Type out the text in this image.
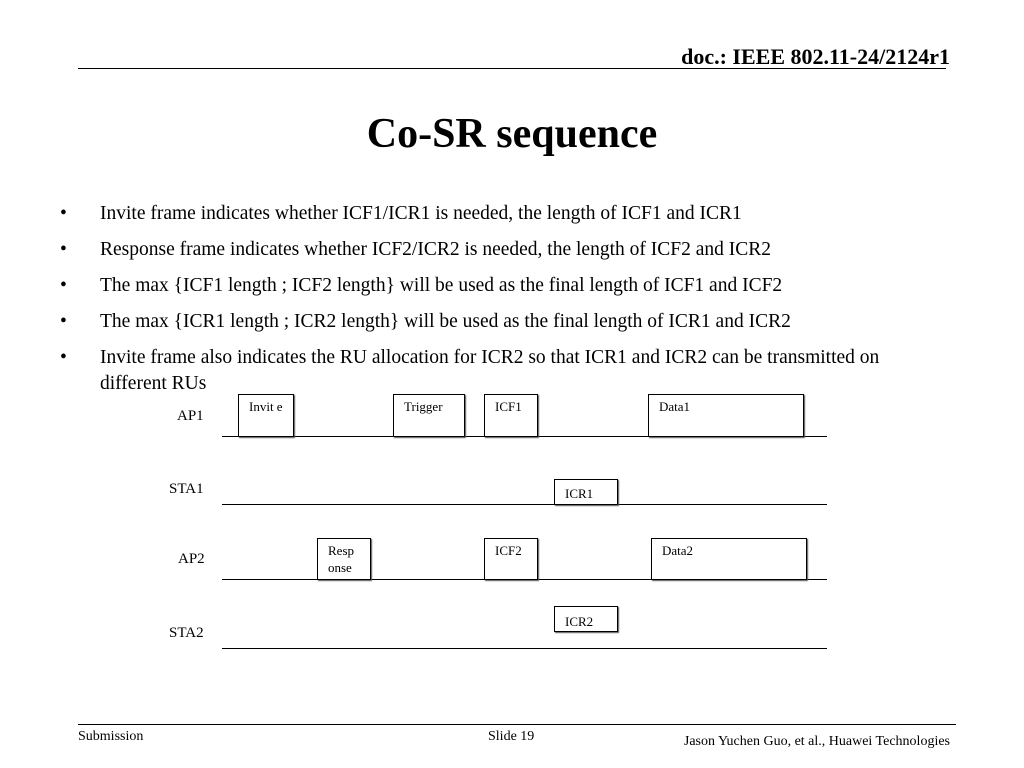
doc.: IEEE 802.11-24/2124r1
Co-SR sequence
• Invite frame indicates whether ICF1/ICR1 is needed, the length of ICF1 and ICR1
• Response frame indicates whether ICF2/ICR2 is needed, the length of ICF2 and ICR2
• The max {ICF1 length ; ICF2 length} will be used as the final length of ICF1 and ICF2
• The max {ICR1 length ; ICR2 length} will be used as the final length of ICR1 and ICR2
• Invite frame also indicates the RU allocation for ICR2 so that ICR1 and ICR2 can be transmitted on different RUs
AP1
STA1
AP2
STA2
Invit e	Trigger	ICF1	Data1
ICR1
Resp onse
ICF2	Data2
ICR2
Submission	Slide 19	Jason Yuchen Guo, et al., Huawei Technologies
